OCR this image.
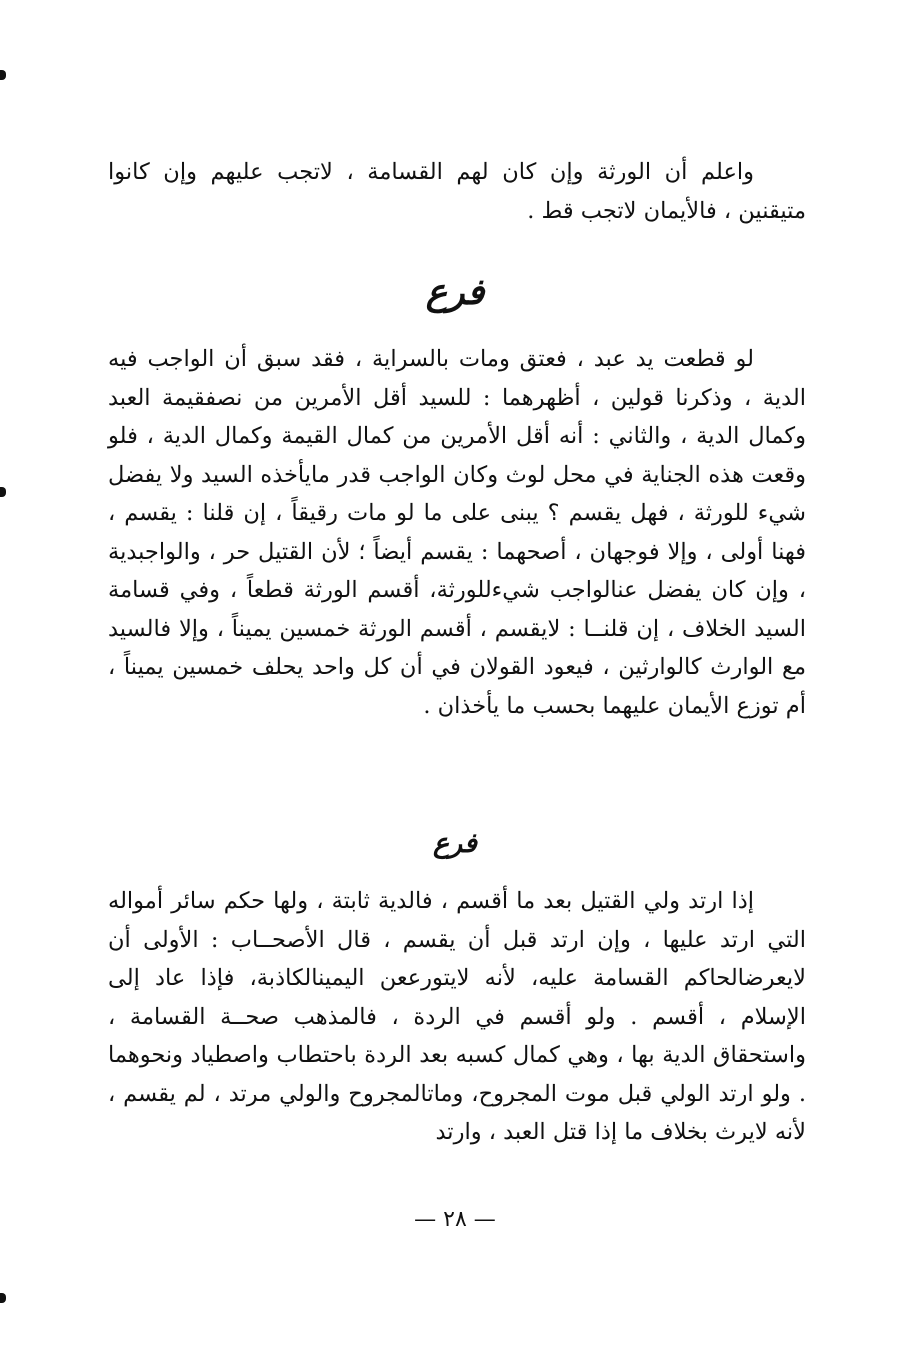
واعلم أن الورثة وإن كان لهم القسامة ، لاتجب عليهم وإن كانوا متيقنين ، فالأيمان لاتجب قط .

فرع

لو قطعت يد عبد ، فعتق ومات بالسراية ، فقد سبق أن الواجب فيه الدية ، وذكرنا قولين ، أظهرهما : للسيد أقل الأمرين من نصفقيمة العبد وكمال الدية ، والثاني : أنه أقل الأمرين من كمال القيمة وكمال الدية ، فلو وقعت هذه الجناية في محل لوث وكان الواجب قدر مايأخذه السيد ولا يفضل شيء للورثة ، فهل يقسم ؟ يبنى على ما لو مات رقيقاً ، إن قلنا : يقسم ، فهنا أولى ، وإلا فوجهان ، أصحهما : يقسم أيضاً ؛ لأن القتيل حر ، والواجبدية ، وإن كان يفضل عنالواجب شيءللورثة، أقسم الورثة قطعاً ، وفي قسامة السيد الخلاف ، إن قلنــا : لايقسم ، أقسم الورثة خمسين يميناً ، وإلا فالسيد مع الوارث كالوارثين ، فيعود القولان في أن كل واحد يحلف خمسين يميناً ، أم توزع الأيمان عليهما بحسب ما يأخذان .

فرع

إذا ارتد ولي القتيل بعد ما أقسم ، فالدية ثابتة ، ولها حكم سائر أمواله التي ارتد عليها ، وإن ارتد قبل أن يقسم ، قال الأصحــاب : الأولى أن لايعرضالحاكم القسامة عليه، لأنه لايتورععن اليمينالكاذبة، فإذا عاد إلى الإسلام ، أقسم . ولو أقسم في الردة ، فالمذهب صحــة القسامة ، واستحقاق الدية بها ، وهي كمال كسبه بعد الردة باحتطاب واصطياد ونحوهما . ولو ارتد الولي قبل موت المجروح، وماتالمجروح والولي مرتد ، لم يقسم ، لأنه لايرث بخلاف ما إذا قتل العبد ، وارتد

— ٢٨ —
